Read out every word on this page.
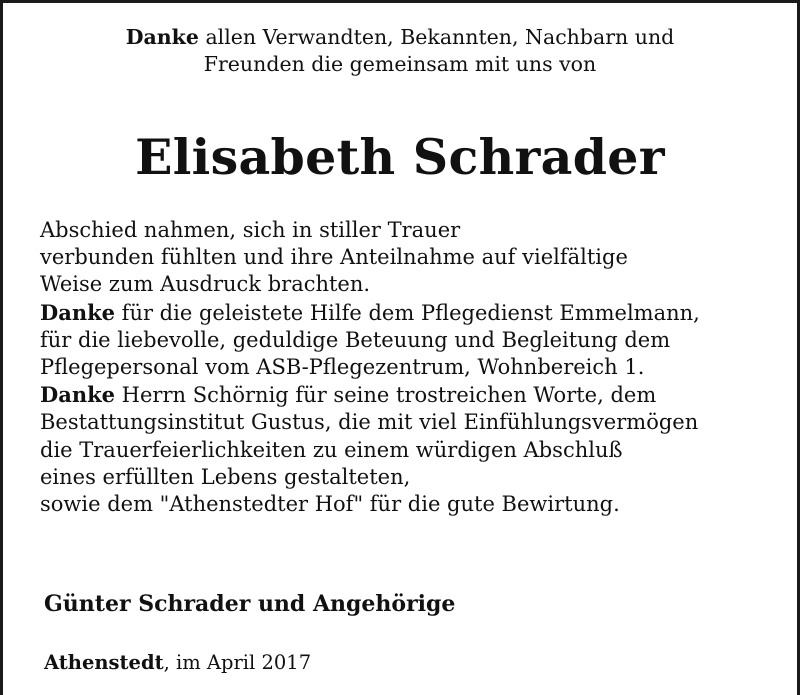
Danke allen Verwandten, Bekannten, Nachbarn und
Freunden die gemeinsam mit uns von
Elisabeth Schrader
Abschied nahmen, sich in stiller Trauer
verbunden fühlten und ihre Anteilnahme auf vielfältige
Weise zum Ausdruck brachten.
Danke für die geleistete Hilfe dem Pflegedienst Emmelmann,
für die liebevolle, geduldige Beteuung und Begleitung dem
Pflegepersonal vom ASB-Pflegezentrum, Wohnbereich 1.
Danke Herrn Schörnig für seine trostreichen Worte, dem
Bestattungsinstitut Gustus, die mit viel Einfühlungsvermögen
die Trauerfeierlichkeiten zu einem würdigen Abschluß
eines erfüllten Lebens gestalteten,
sowie dem "Athenstedter Hof" für die gute Bewirtung.
Günter Schrader und Angehörige
Athenstedt, im April 2017
